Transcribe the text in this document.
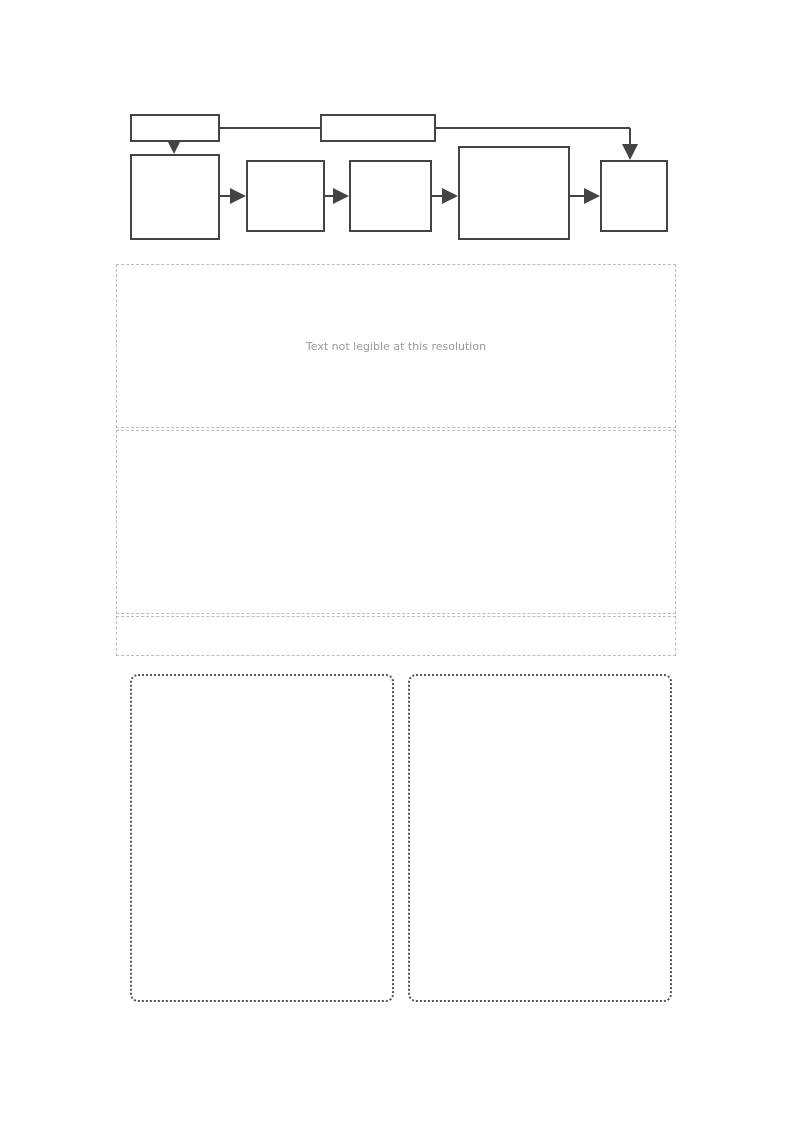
Text not legible at this resolution
